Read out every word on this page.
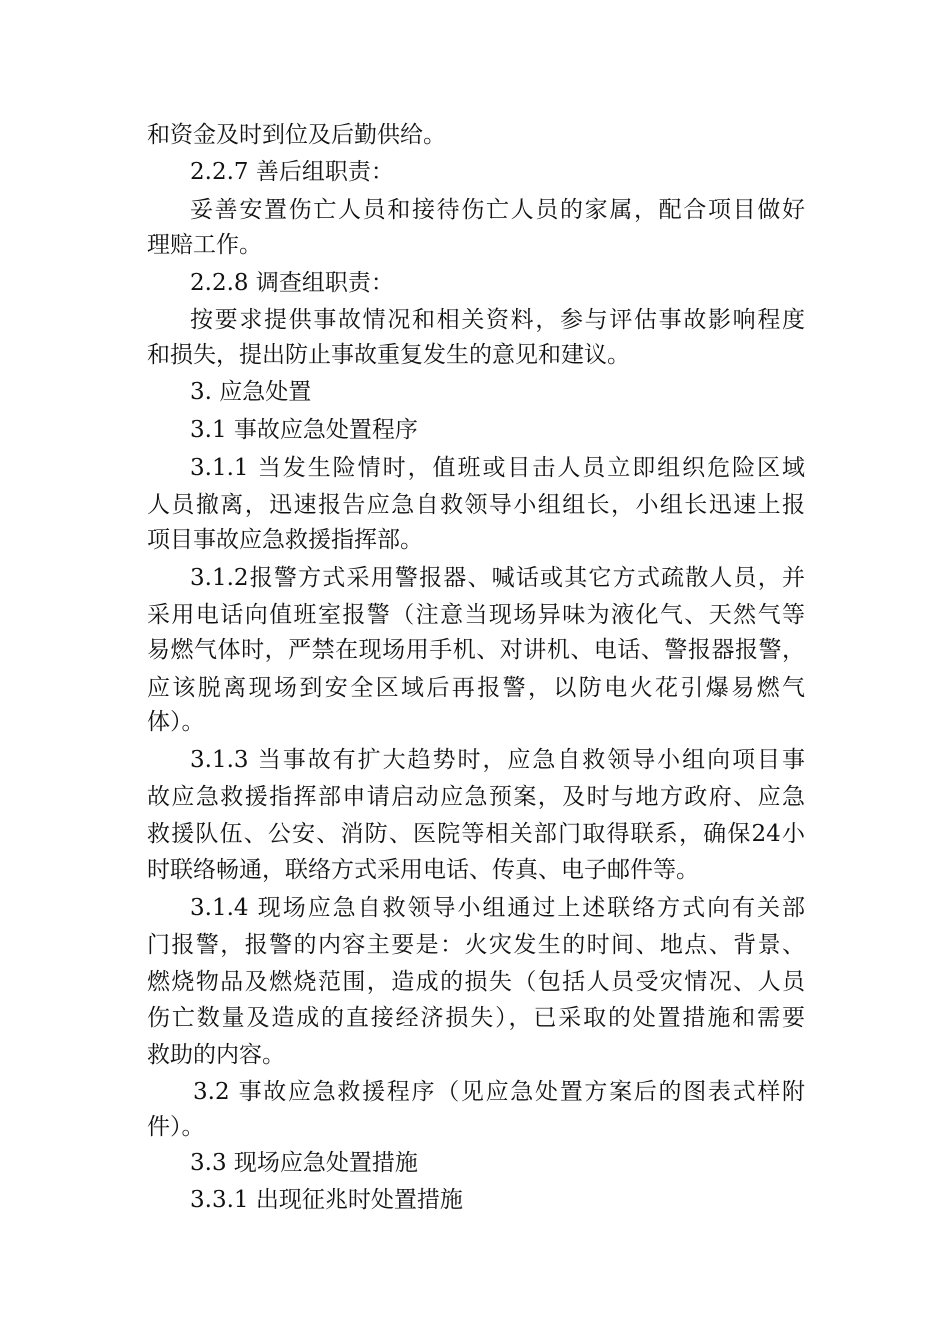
和资金及时到位及后勤供给。
2.2.7 善后组职责：
妥善安置伤亡人员和接待伤亡人员的家属，配合项目做好
理赔工作。
2.2.8 调查组职责：
按要求提供事故情况和相关资料，参与评估事故影响程度
和损失，提出防止事故重复发生的意见和建议。
3. 应急处置
3.1 事故应急处置程序
3.1.1 当发生险情时，值班或目击人员立即组织危险区域
人员撤离，迅速报告应急自救领导小组组长，小组长迅速上报
项目事故应急救援指挥部。
3.1.2报警方式采用警报器、喊话或其它方式疏散人员，并
采用电话向值班室报警（注意当现场异味为液化气、天然气等
易燃气体时，严禁在现场用手机、对讲机、电话、警报器报警，
应该脱离现场到安全区域后再报警，以防电火花引爆易燃气
体）。
3.1.3 当事故有扩大趋势时，应急自救领导小组向项目事
故应急救援指挥部申请启动应急预案，及时与地方政府、应急
救援队伍、公安、消防、医院等相关部门取得联系，确保24小
时联络畅通，联络方式采用电话、传真、电子邮件等。
3.1.4 现场应急自救领导小组通过上述联络方式向有关部
门报警，报警的内容主要是：火灾发生的时间、地点、背景、
燃烧物品及燃烧范围，造成的损失（包括人员受灾情况、人员
伤亡数量及造成的直接经济损失），已采取的处置措施和需要
救助的内容。
3.2 事故应急救援程序（见应急处置方案后的图表式样附
件）。
3.3 现场应急处置措施
3.3.1 出现征兆时处置措施
